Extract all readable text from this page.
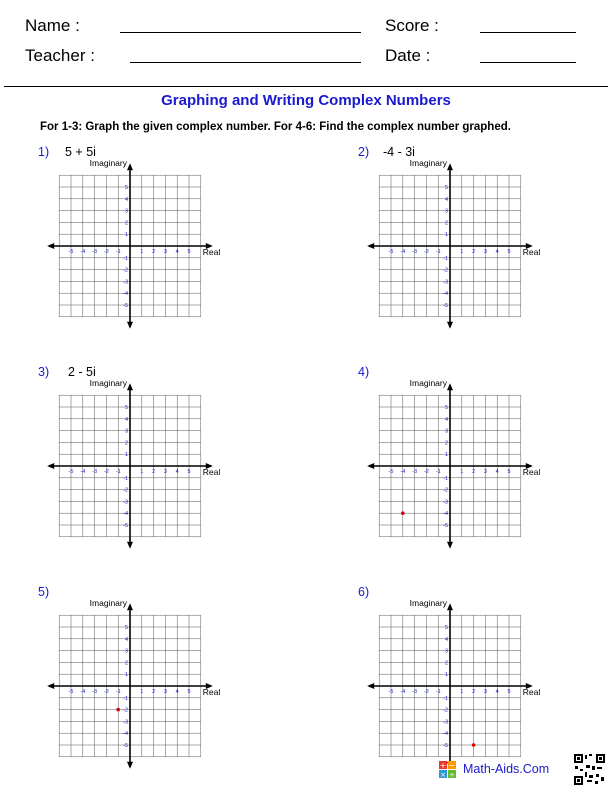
Name :
Teacher :
Score :
Date :
Graphing and Writing Complex Numbers
For 1-3: Graph the given complex number. For 4-6: Find the complex number graphed.
1) 5 + 5i
Imaginary
Real
-5 -4 -3 -2 -1	1 2 3 4 5
5
4
3
2
1
-1
-2
-3
-4
-5
2) -4 - 3i
Imaginary
Real
-5 -4 -3 -2 -1	1 2 3 4 5
5
4
3
2
1
-1
-2
-3
-4
-5
3) 2 - 5i
Imaginary
Real
-5 -4 -3 -2 -1	1 2 3 4 5
5
4
3
2
1
-1
-2
-3
-4
-5
4)
Imaginary
Real
-5 -4 -3 -2 -1	1 2 3 4 5
5
4
3
2
1
-1
-2
-3
-4
-5
5)
Imaginary
Real
-5 -4 -3 -2 -1	1 2 3 4 5
5
4
3
2
1
-1
-2
-3
-4
-5
6)
Imaginary
Real
-5 -4 -3 -2 -1	1 2 3 4 5
5
4
3
2
1
-1
-2
-3
-4
-5
+ −
× ÷ Math-Aids.Com
